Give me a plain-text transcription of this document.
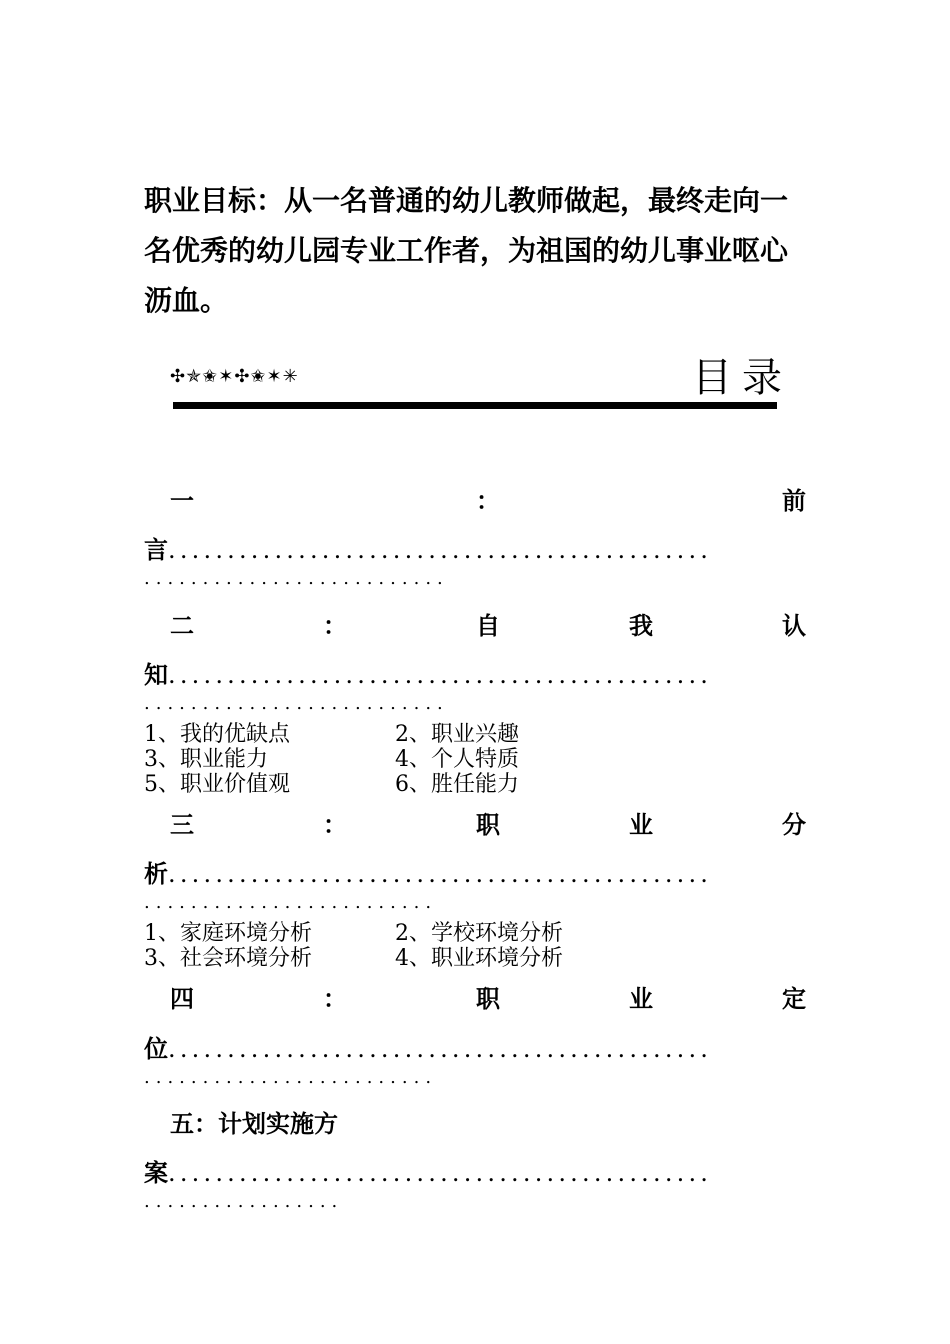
职业目标：从一名普通的幼儿教师做起，最终走向一
名优秀的幼儿园专业工作者，为祖国的幼儿事业呕心
沥血。
✣✯✬✶✣✬✶✳	目录
一	：	前
言..............................................
..........................
二	：	自	我	认
知..............................................
..........................
1、我的优缺点	2、职业兴趣
3、职业能力	4、个人特质
5、职业价值观	6、胜任能力
三	：	职	业	分
析..............................................
.........................
1、家庭环境分析	2、学校环境分析
3、社会环境分析	4、职业环境分析
四	：	职	业	定
位..............................................
.........................
五：计划实施方
案..............................................
.................
